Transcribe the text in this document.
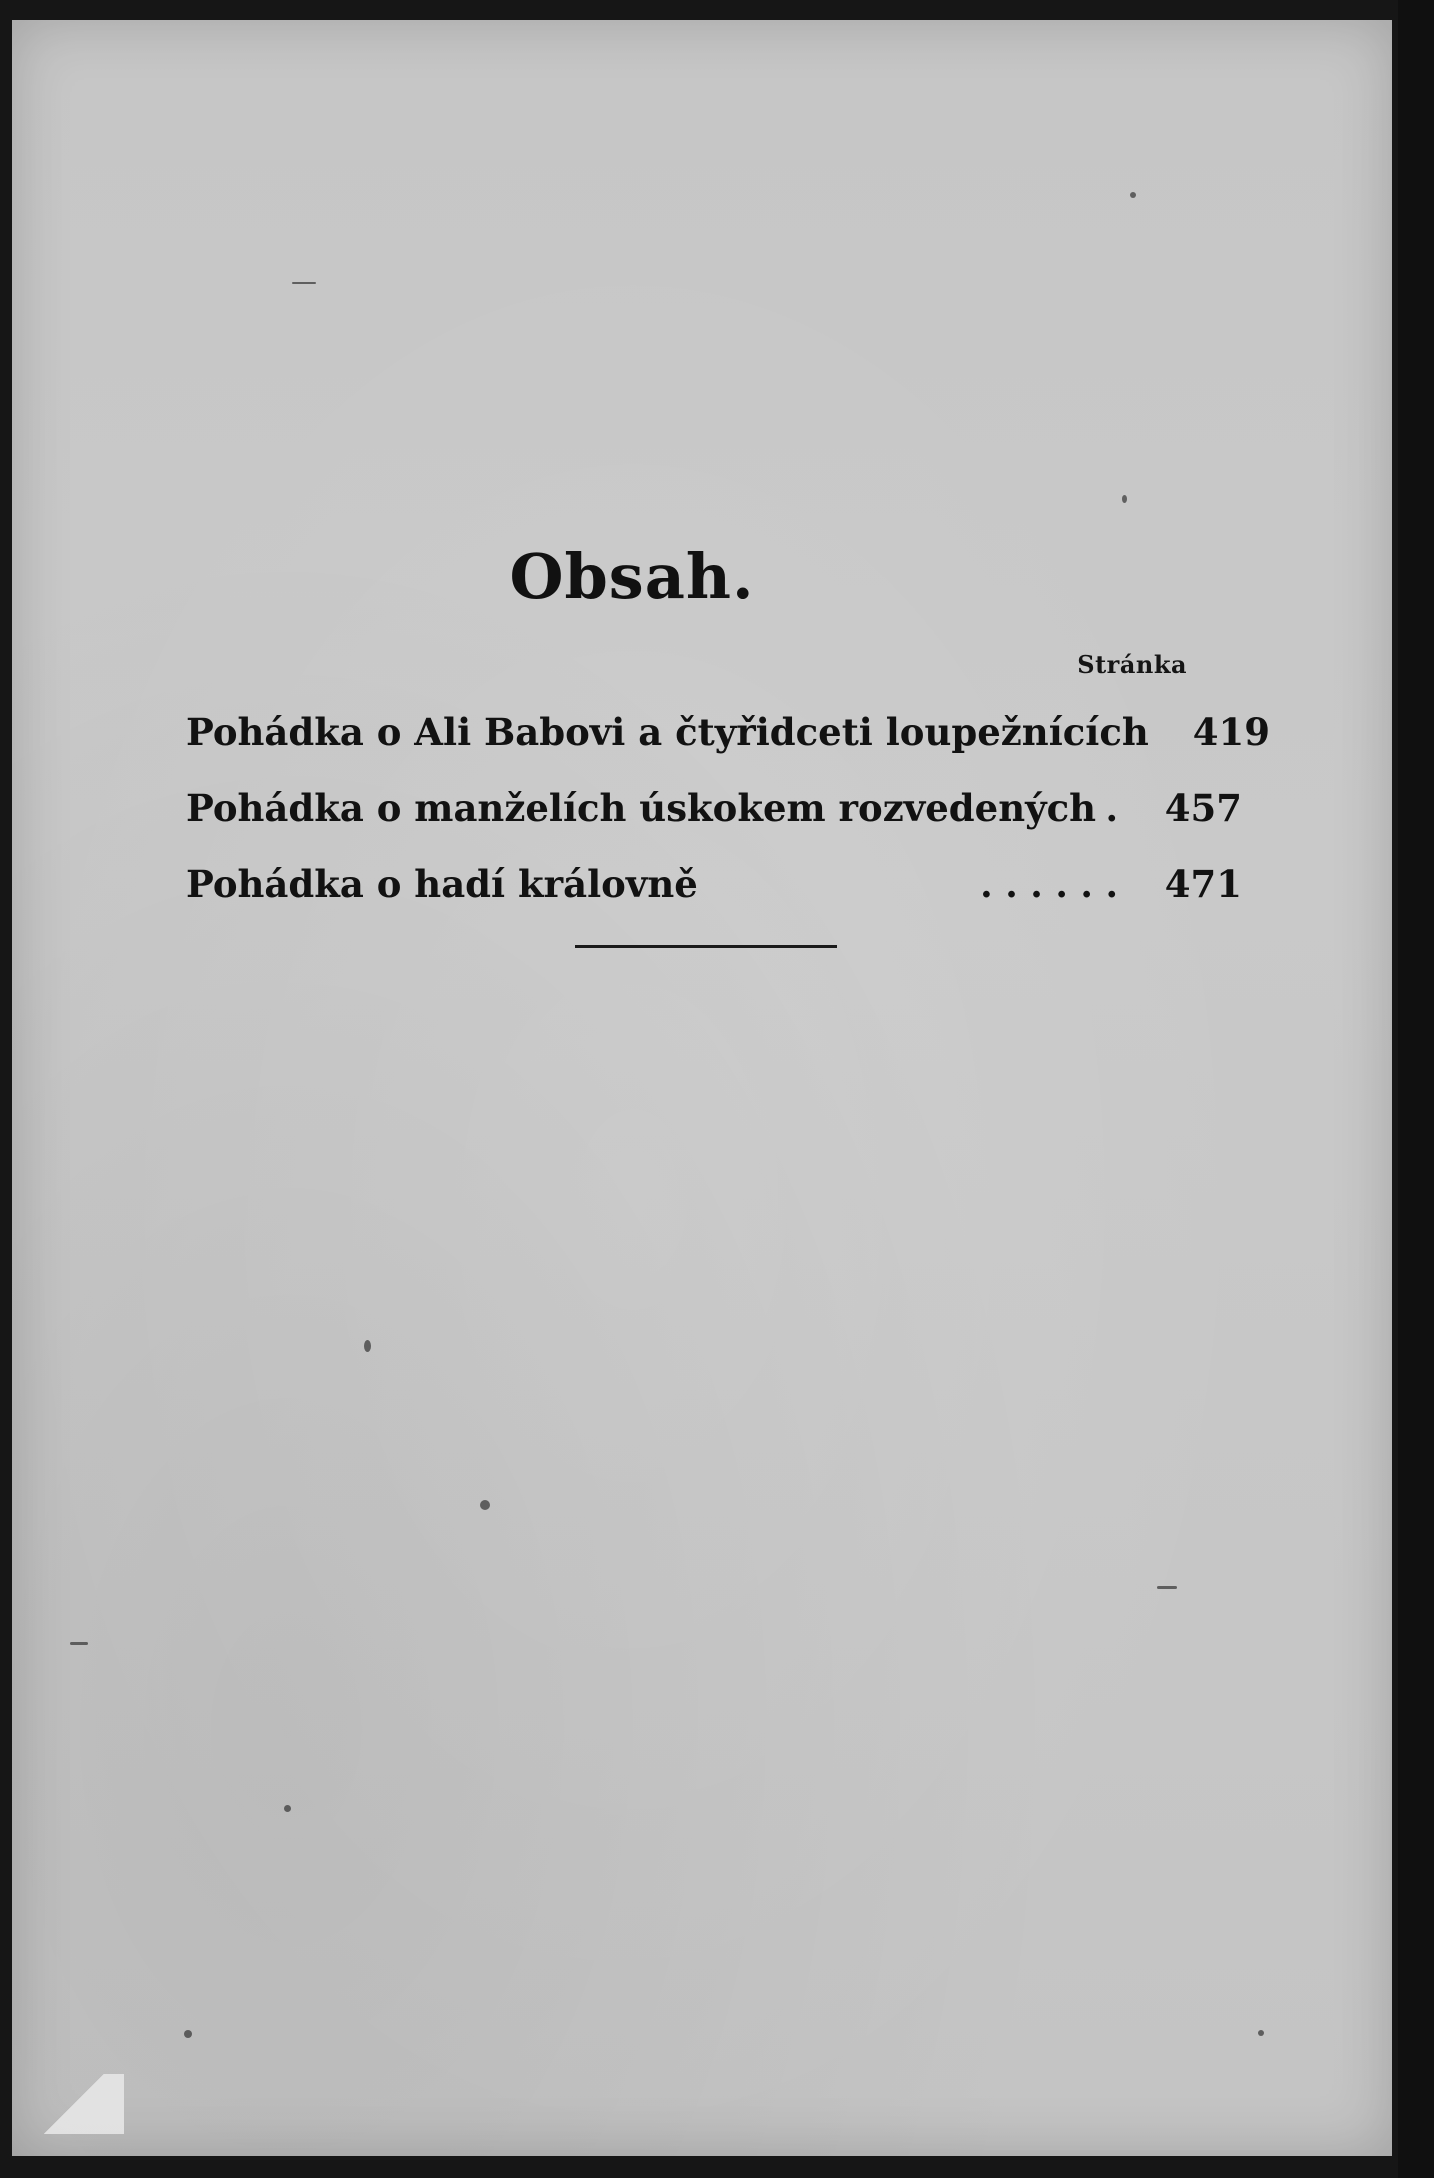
Obsah.
Stránka
Pohádka o Ali Babovi a čtyřidceti loupežnících 419
Pohádka o manželích úskokem rozvedených .	457
Pohádka o hadí královně	. . . . . .	471
